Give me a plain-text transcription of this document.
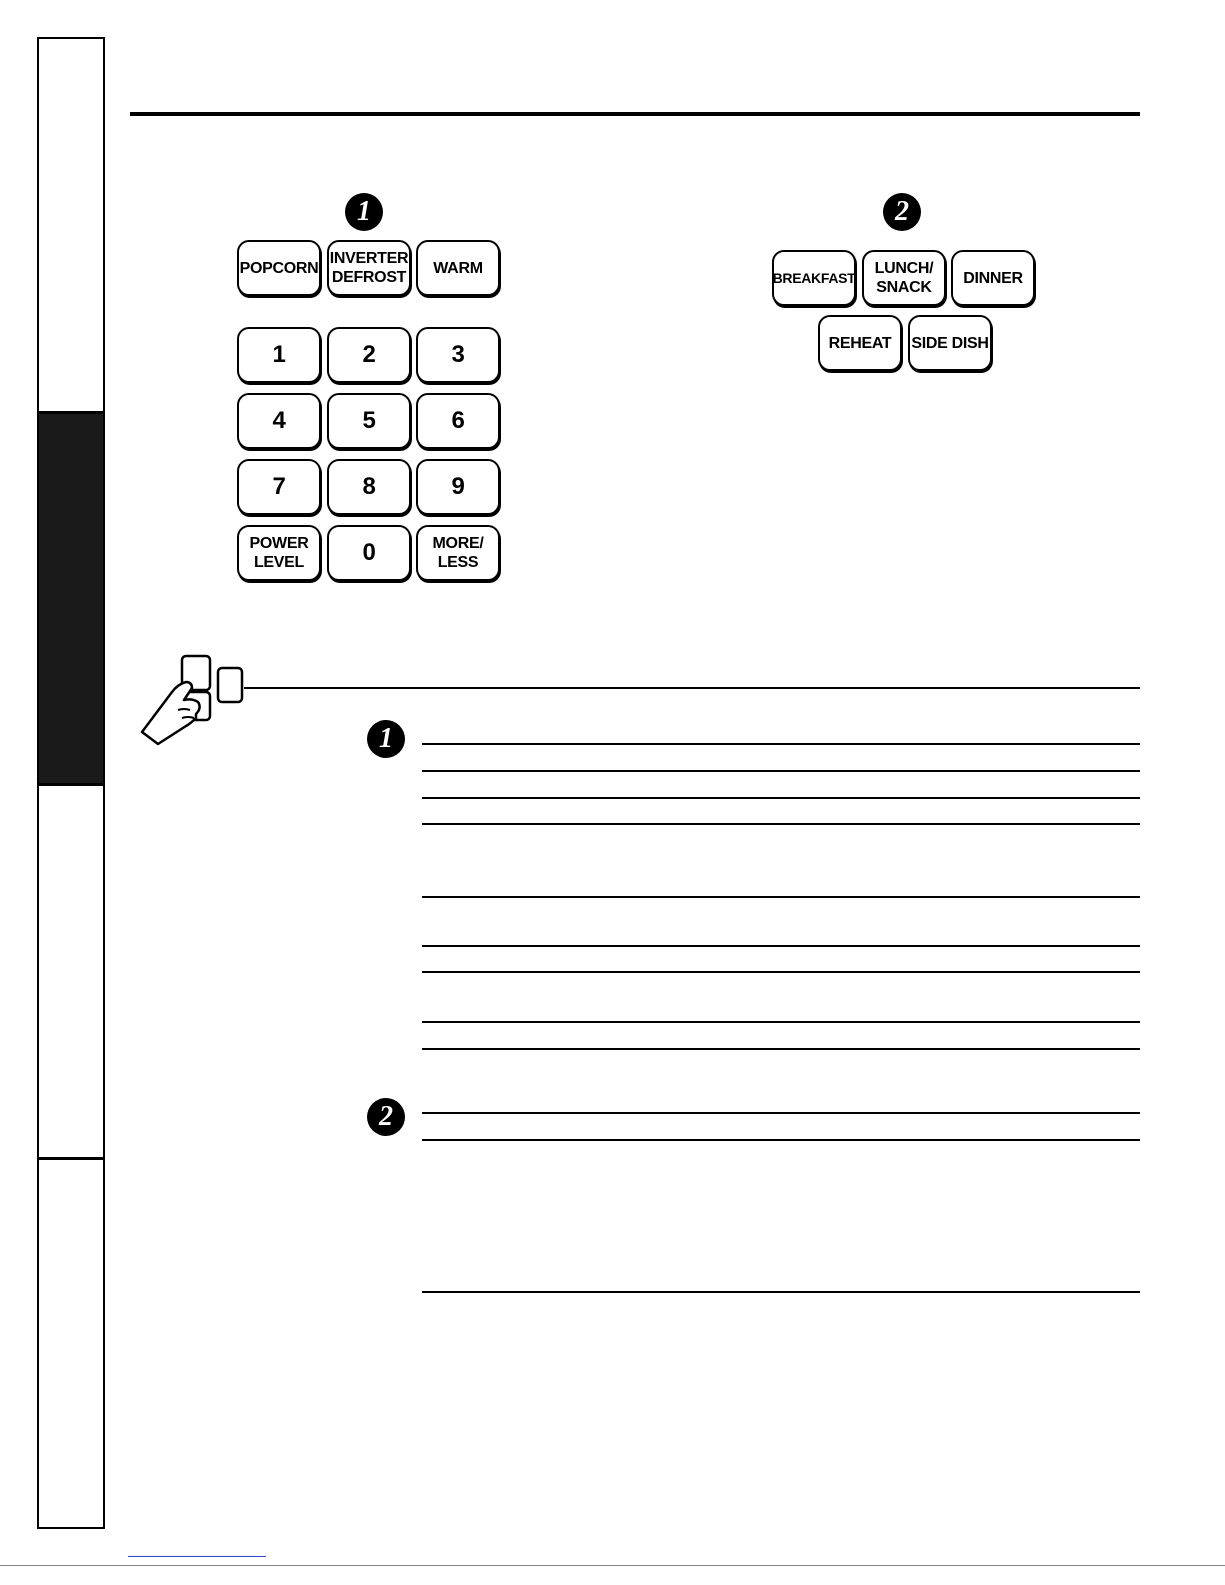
1	2
POPCORN
INVERTER
DEFROST
WARM
1	2	3
4	5	6
7	8	9
POWER
LEVEL	0	MORE/
LESS
BREAKFAST
LUNCH/
SNACK
DINNER
REHEAT	SIDE DISH
1
2
